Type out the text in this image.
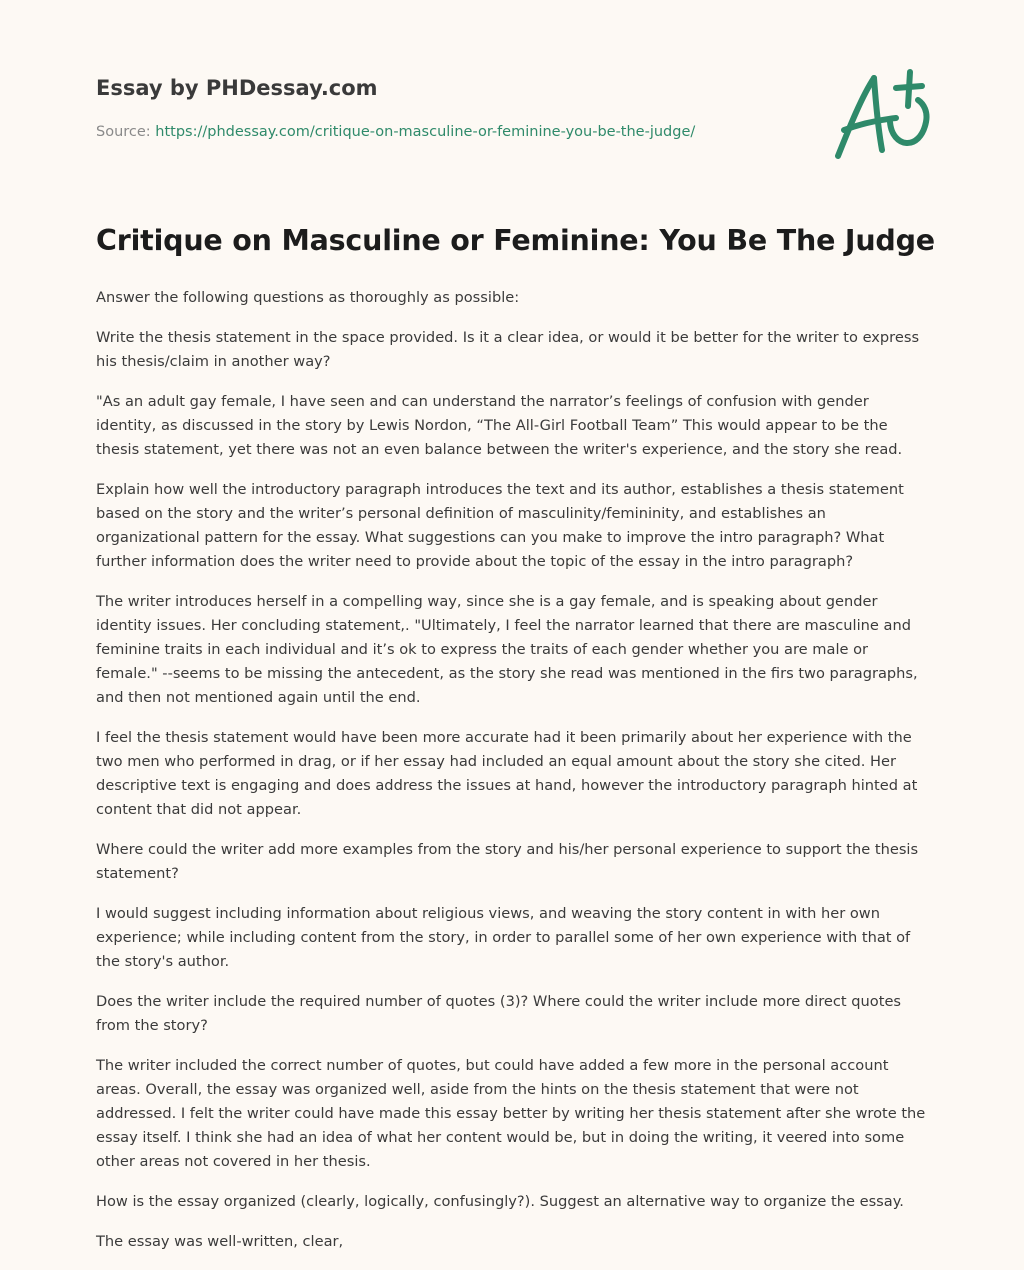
Essay by PHDessay.com
Source: https://phdessay.com/critique-on-masculine-or-feminine-you-be-the-judge/
Critique on Masculine or Feminine: You Be The Judge

Answer the following questions as thoroughly as possible:

Write the thesis statement in the space provided. Is it a clear idea, or would it be better for the writer to express his thesis/claim in another way?

"As an adult gay female, I have seen and can understand the narrator’s feelings of confusion with gender identity, as discussed in the story by Lewis Nordon, “The All-Girl Football Team” This would appear to be the thesis statement, yet there was not an even balance between the writer's experience, and the story she read.

Explain how well the introductory paragraph introduces the text and its author, establishes a thesis statement based on the story and the writer’s personal definition of masculinity/femininity, and establishes an organizational pattern for the essay. What suggestions can you make to improve the intro paragraph? What further information does the writer need to provide about the topic of the essay in the intro paragraph?

The writer introduces herself in a compelling way, since she is a gay female, and is speaking about gender identity issues. Her concluding statement,. "Ultimately, I feel the narrator learned that there are masculine and feminine traits in each individual and it’s ok to express the traits of each gender whether you are male or female." --seems to be missing the antecedent, as the story she read was mentioned in the firs two paragraphs, and then not mentioned again until the end.

I feel the thesis statement would have been more accurate had it been primarily about her experience with the two men who performed in drag, or if her essay had included an equal amount about the story she cited. Her descriptive text is engaging and does address the issues at hand, however the introductory paragraph hinted at content that did not appear.

Where could the writer add more examples from the story and his/her personal experience to support the thesis statement?

I would suggest including information about religious views, and weaving the story content in with her own experience; while including content from the story, in order to parallel some of her own experience with that of the story's author.

Does the writer include the required number of quotes (3)? Where could the writer include more direct quotes from the story?

The writer included the correct number of quotes, but could have added a few more in the personal account areas. Overall, the essay was organized well, aside from the hints on the thesis statement that were not addressed. I felt the writer could have made this essay better by writing her thesis statement after she wrote the essay itself. I think she had an idea of what her content would be, but in doing the writing, it veered into some other areas not covered in her thesis.

How is the essay organized (clearly, logically, confusingly?). Suggest an alternative way to organize the essay.

The essay was well-written, clear,
